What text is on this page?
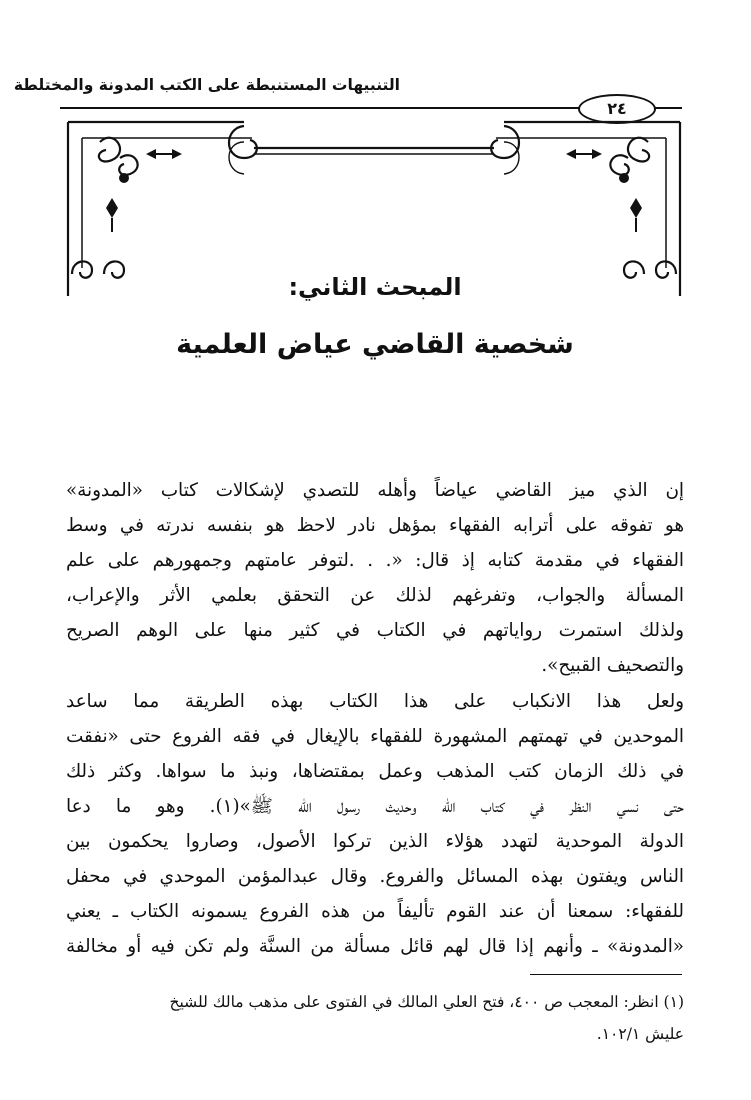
التنبيهات المستنبطة على الكتب المدونة والمختلطة
٢٤
المبحث الثاني:
شخصية القاضي عياض العلمية

إن الذي ميز القاضي عياضاً وأهله للتصدي لإشكالات كتاب «المدونة»
هو تفوقه على أترابه الفقهاء بمؤهل نادر لاحظ هو بنفسه ندرته في وسط
الفقهاء في مقدمة كتابه إذ قال: «. . .لتوفر عامتهم وجمهورهم على علم
المسألة والجواب، وتفرغهم لذلك عن التحقق بعلمي الأثر والإعراب،
ولذلك استمرت رواياتهم في الكتاب في كثير منها على الوهم الصريح
والتصحيف القبيح».

ولعل هذا الانكباب على هذا الكتاب بهذه الطريقة مما ساعد
الموحدين في تهمتهم المشهورة للفقهاء بالإيغال في فقه الفروع حتى «نفقت
في ذلك الزمان كتب المذهب وعمل بمقتضاها، ونبذ ما سواها. وكثر ذلك
حتى نسي النظر في كتاب الله وحديث رسول الله ﷺ»(١). وهو ما دعا
الدولة الموحدية لتهدد هؤلاء الذين تركوا الأصول، وصاروا يحكمون بين
الناس ويفتون بهذه المسائل والفروع. وقال عبدالمؤمن الموحدي في محفل
للفقهاء: سمعنا أن عند القوم تأليفاً من هذه الفروع يسمونه الكتاب ـ يعني
«المدونة» ـ وأنهم إذا قال لهم قائل مسألة من السنَّة ولم تكن فيه أو مخالفة

(١) انظر: المعجب ص ٤٠٠، فتح العلي المالك في الفتوى على مذهب مالك للشيخ
عليش ١٠٢/١.
